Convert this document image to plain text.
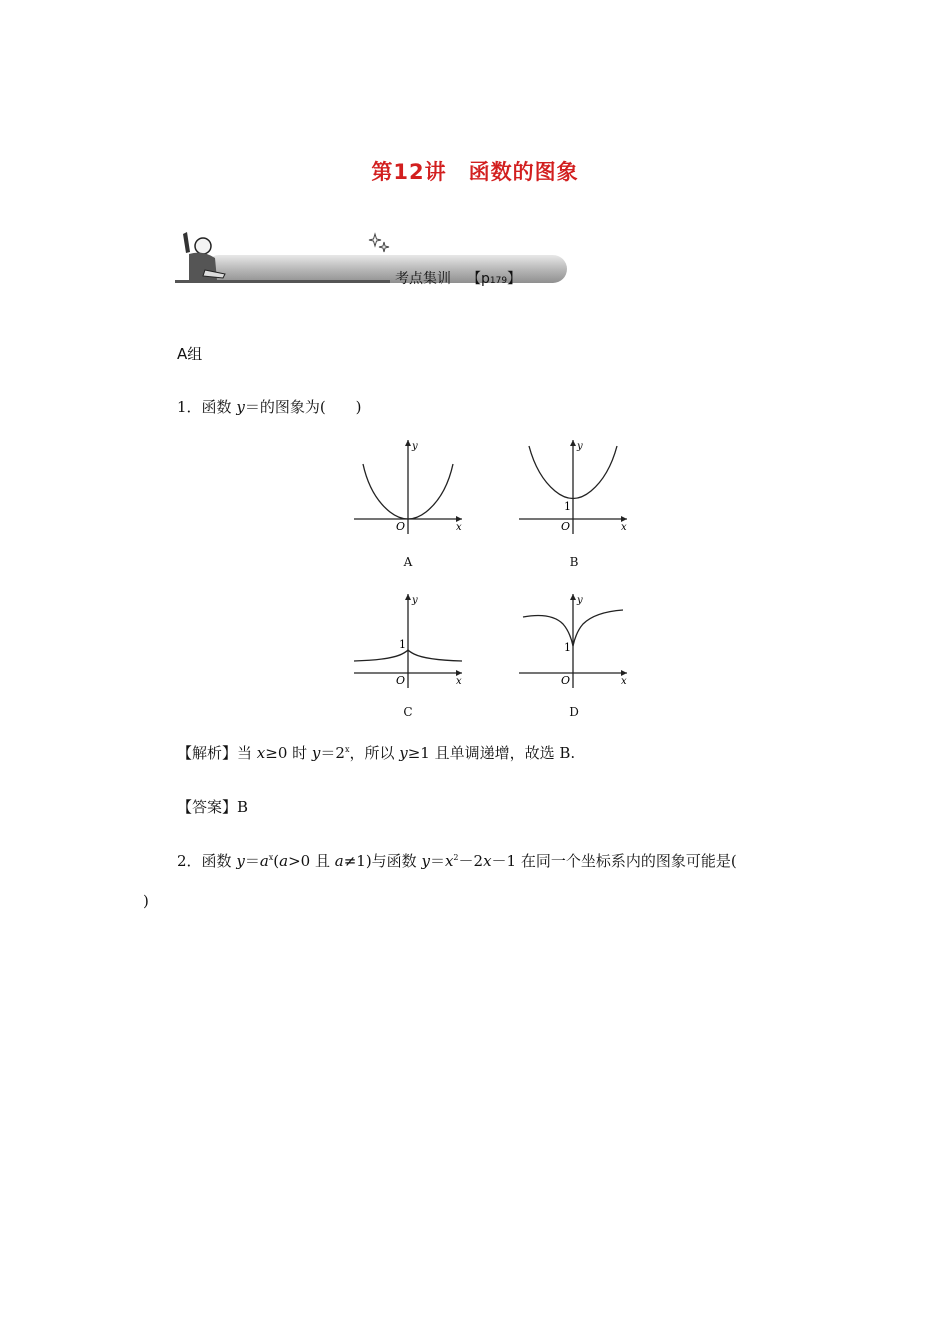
第12讲　函数的图象
考点集训 【p179】
A组
1．函数 y＝的图象为(　　)
y
x
O
A
y
x
O
1
B
y
x
O
1
C
y
x
O
1
D
【解析】当 x≥0 时 $y=2^x$，所以 y≥1 且单调递增，故选 B.
【答案】B
2．函数 $y=a^x(a>0$ 且 a≠1)与函数 $y=x^2-2x-1$ 在同一个坐标系内的图象可能是(
)
